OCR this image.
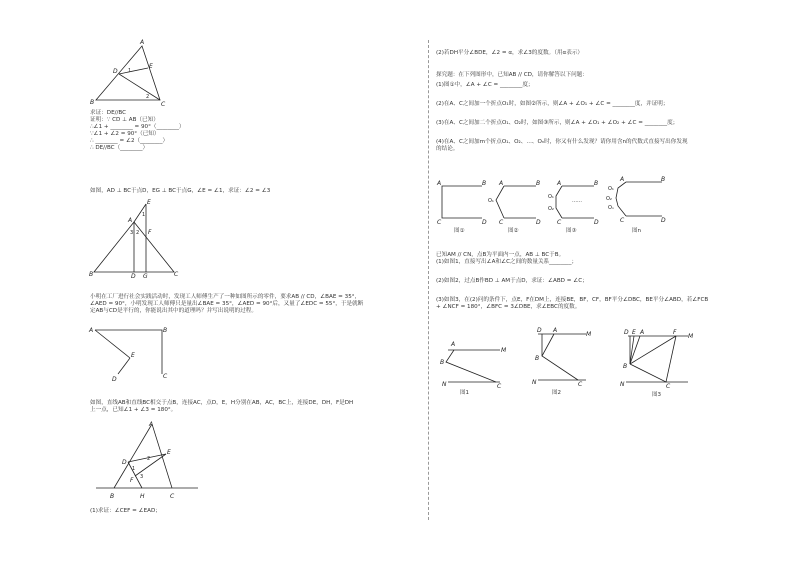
A
B	C
D
E
1
2
求证：DE//BC
证明：∵ CD ⊥ AB（已知）
∴∠1 + ________ = 90°（________）
∵∠1 + ∠2 = 90°（已知）
∴ ________ = ∠2（________）
∴ DE//BC（________）
如图，AD ⊥ BC于点D，EG ⊥ BC于点G，∠E = ∠1，求证：∠2 = ∠3
A
B	C
D G
E
F
3 2
1
小明在工厂进行社会实践活动时，发现工人师傅生产了一种如图所示的零件，要求AB // CD，∠BAE = 35°，
∠AED = 90°，小明发现工人师傅只是量出∠BAE = 35°，∠AED = 90°后，又量了∠EDC = 55°，于是就断
定AB与CD是平行的，你能说出其中的道理吗？并写出说明的过程。
A	B
E
D	C
如图，直线AB和直线BC相交于点B，连接AC，点D，E，H分别在AB，AC，BC上，连接DE，DH，F是DH
上一点，已知∠1 + ∠3 = 180°。
A
D
E
F
B	H	C
2
1
3
(1)求证：∠CEF = ∠EAD；
(2)若DH平分∠BDE，∠2 = α，求∠3的度数。（用α表示）
探究题：在下列图形中，已知AB // CD，请你解答以下问题：
(1)图①中，∠A + ∠C = ________度；
(2)在A、C之间加一个折点O₁时，如图②所示，则∠A + ∠O₁ + ∠C = ________度，并证明；
(3)在A、C之间加二个折点O₁、O₂时，如图③所示，则∠A + ∠O₁ + ∠O₂ + ∠C = ________度；
(4)在A、C之间加m个折点O₁、O₂、…、Oₙ时，你又有什么发现？请你用含n的代数式直接写出你发现
的结论。
A	B
C	D
图①
A	B
C	D
O₁
图②
A	B
C	D
O₁
O₂
……
图③
A	B
C	D
O₁
O₂
Oₙ
图n
已知AM // CN，点B为平面内一点，AB ⊥ BC于B。
(1)如图1，直接写出∠A和∠C之间的数量关系________；
(2)如图2，过点B作BD ⊥ AM于点D，求证：∠ABD = ∠C；
(3)如图3，在(2)问的条件下，点E，F在DM上，连接BE，BF，CF，BF平分∠DBC，BE平分∠ABD，若∠FCB
+ ∠NCF = 180°，∠BFC = 3∠DBE，求∠EBC的度数。
A
M
B
N	C
图1
D A
M
B
N	C
图2
D E A	F
M
B
N	C
图3
